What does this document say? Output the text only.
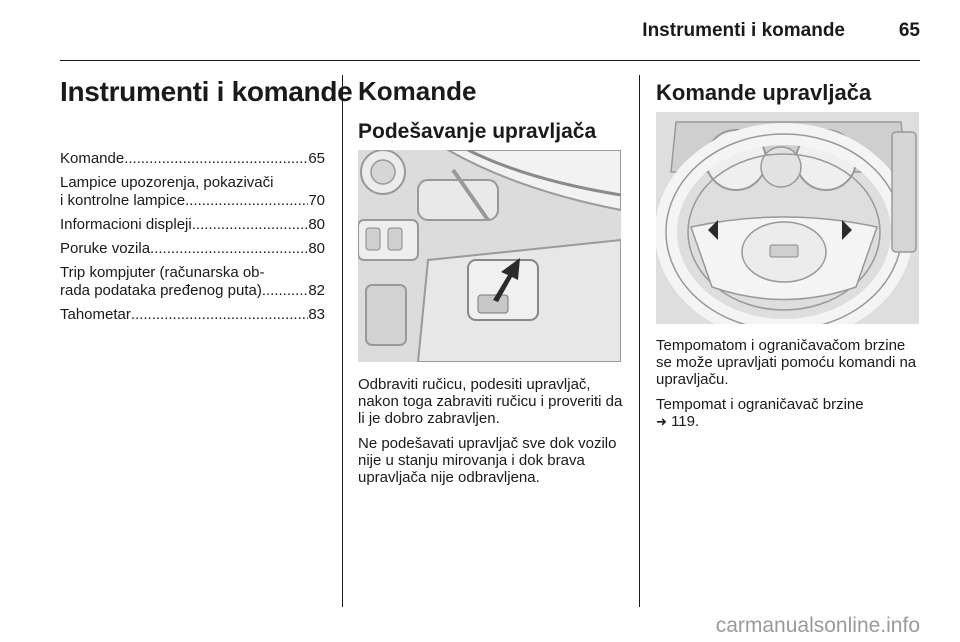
Instrumenti i komande	65
Instrumenti i komande
Komande .....	65
Lampice upozorenja, pokazivači
i kontrolne lampice .....	70
Informacioni displeji .....	80
Poruke vozila .....	80
Trip kompjuter (računarska ob-
rada podataka pređenog puta) .....	82
Tahometar .....	83
Komande
Podešavanje upravljača

Odbraviti ručicu, podesiti upravljač, nakon toga zabraviti ručicu i proveriti da li je dobro zabravljen.

Ne podešavati upravljač sve dok vozilo nije u stanju mirovanja i dok brava upravljača nije odbravljena.

Komande upravljača

Tempomatom i ograničavačom brzine se može upravljati pomoću komandi na upravljaču.

Tempomat i ograničavač brzine

➜ 119.
carmanualsonline.info
